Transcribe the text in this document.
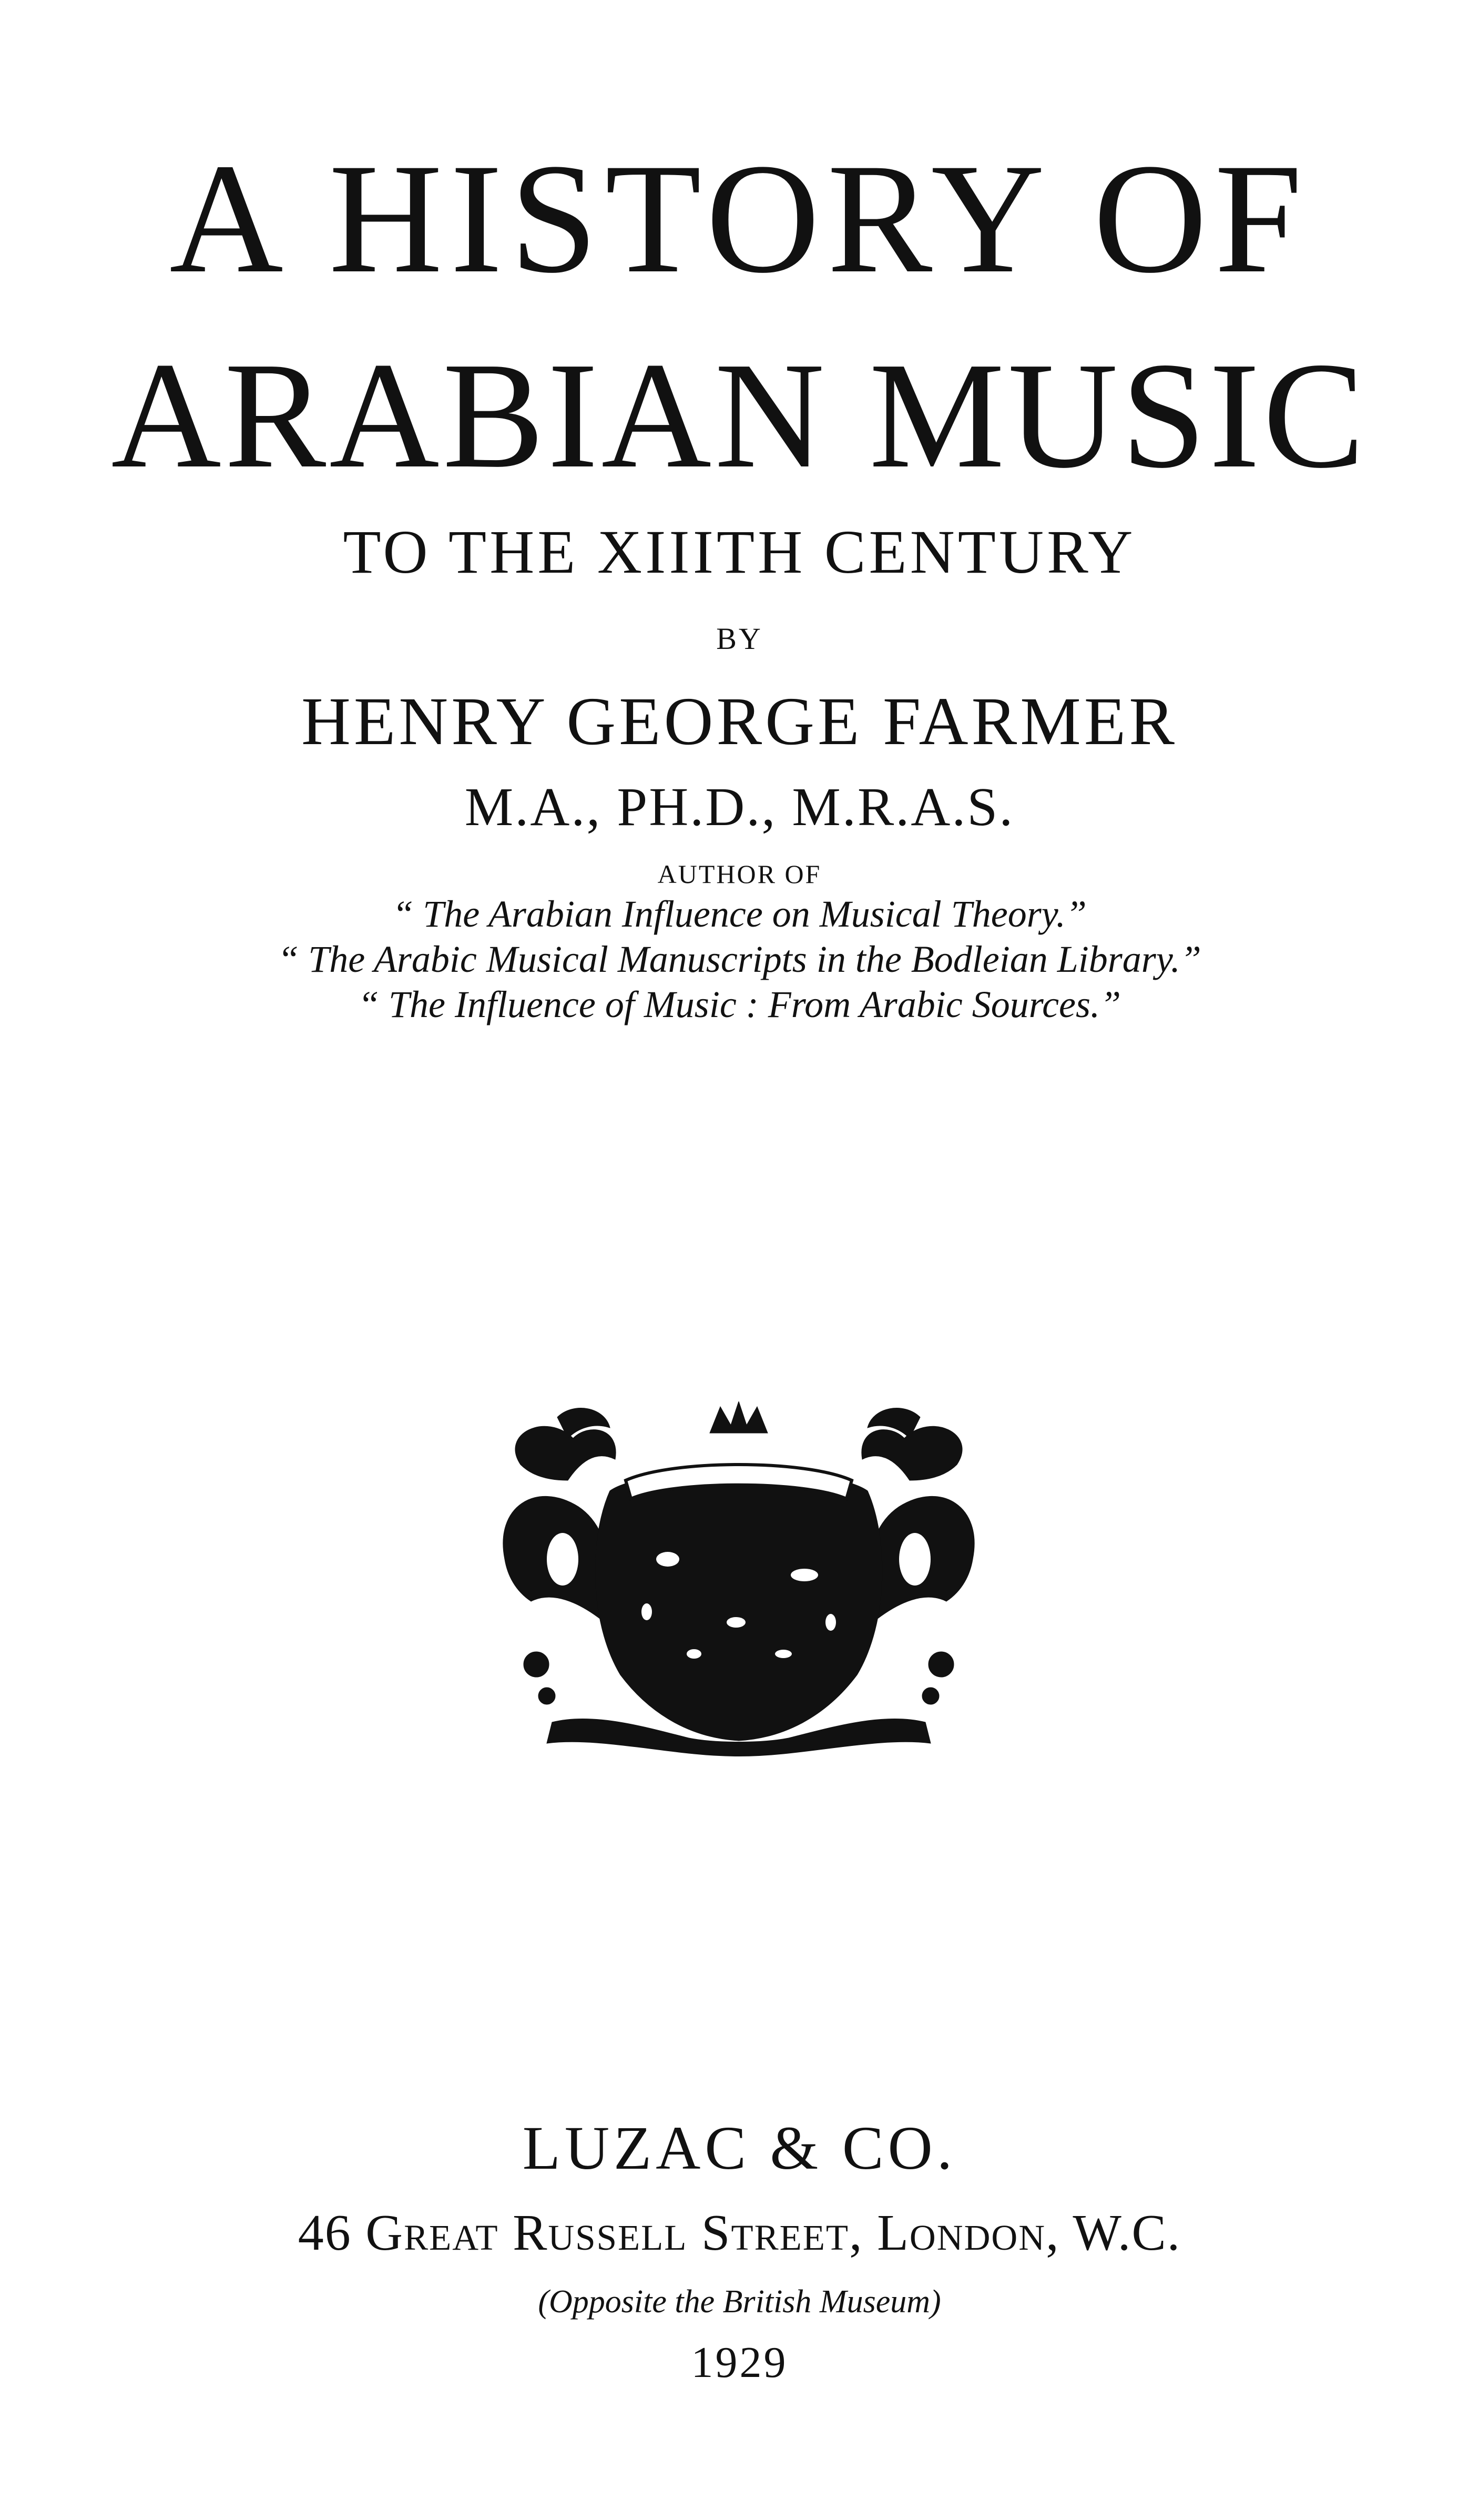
A HISTORY OF
ARABIAN MUSIC
TO THE XIIITH CENTURY
BY
HENRY GEORGE FARMER
M.A., PH.D., M.R.A.S.
AUTHOR OF
“ The Arabian Influence on Musical Theory.”
“ The Arabic Musical Manuscripts in the Bodleian Library.”
“ The Influence of Music : From Arabic Sources.”
LUZAC & CO.
46 Great Russell Street, London, W.C.
(Opposite the British Museum)
1929
